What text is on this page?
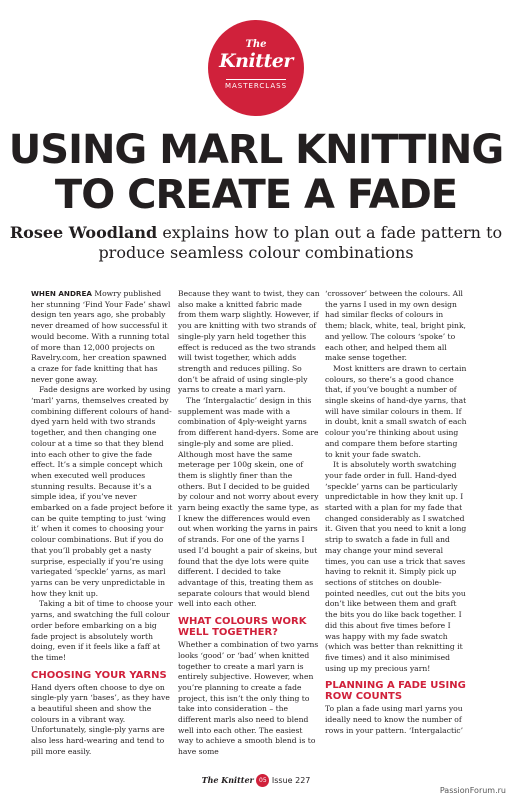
The
Knitter
MASTERCLASS
USING MARL KNITTING
TO CREATE A FADE
Rosee Woodland explains how to plan out a fade pattern to produce seamless colour combinations

WHEN ANDREA Mowry published her stunning ‘Find Your Fade’ shawl design ten years ago, she probably never dreamed of how successful it would become. With a running total of more than 12,000 projects on Ravelry.com, her creation spawned a craze for fade knitting that has never gone away.

Fade designs are worked by using ‘marl’ yarns, themselves created by combining different colours of hand-dyed yarn held with two strands together, and then changing one colour at a time so that they blend into each other to give the fade effect. It’s a simple concept which when executed well produces stunning results. Because it’s a simple idea, if you’ve never embarked on a fade project before it can be quite tempting to just ‘wing it’ when it comes to choosing your colour combinations. But if you do that you’ll probably get a nasty surprise, especially if you’re using variegated ‘speckle’ yarns, as marl yarns can be very unpredictable in how they knit up.

Taking a bit of time to choose your yarns, and swatching the full colour order before embarking on a big fade project is absolutely worth doing, even if it feels like a faff at the time!

CHOOSING YOUR YARNS

Hand dyers often choose to dye on single-ply yarn ‘bases’, as they have a beautiful sheen and show the colours in a vibrant way. Unfortunately, single-ply yarns are also less hard-wearing and tend to pill more easily.

Because they want to twist, they can also make a knitted fabric made from them warp slightly. However, if you are knitting with two strands of single-ply yarn held together this effect is reduced as the two strands will twist together, which adds strength and reduces pilling. So don’t be afraid of using single-ply yarns to create a marl yarn.

The ‘Intergalactic’ design in this supplement was made with a combination of 4ply-weight yarns from different hand-dyers. Some are single-ply and some are plied. Although most have the same meterage per 100g skein, one of them is slightly finer than the others. But I decided to be guided by colour and not worry about every yarn being exactly the same type, as I knew the differences would even out when working the yarns in pairs of strands. For one of the yarns I used I’d bought a pair of skeins, but found that the dye lots were quite different. I decided to take advantage of this, treating them as separate colours that would blend well into each other.

WHAT COLOURS WORK WELL TOGETHER?

Whether a combination of two yarns looks ‘good’ or ‘bad’ when knitted together to create a marl yarn is entirely subjective. However, when you’re planning to create a fade project, this isn’t the only thing to take into consideration – the different marls also need to blend well into each other. The easiest way to achieve a smooth blend is to have some

‘crossover’ between the colours. All the yarns I used in my own design had similar flecks of colours in them; black, white, teal, bright pink, and yellow. The colours ‘spoke’ to each other, and helped them all make sense together.

Most knitters are drawn to certain colours, so there’s a good chance that, if you’ve bought a number of single skeins of hand-dye yarns, that will have similar colours in them. If in doubt, knit a small swatch of each colour you’re thinking about using and compare them before starting to knit your fade swatch.

It is absolutely worth swatching your fade order in full. Hand-dyed ‘speckle’ yarns can be particularly unpredictable in how they knit up. I started with a plan for my fade that changed considerably as I swatched it. Given that you need to knit a long strip to swatch a fade in full and may change your mind several times, you can use a trick that saves having to reknit it. Simply pick up sections of stitches on double-pointed needles, cut out the bits you don’t like between them and graft the bits you do like back together. I did this about five times before I was happy with my fade swatch (which was better than reknitting it five times) and it also minimised using up my precious yarn!

PLANNING A FADE USING ROW COUNTS

To plan a fade using marl yarns you ideally need to know the number of rows in your pattern. ‘Intergalactic’

The Knitter 05 Issue 227
PassionForum.ru
